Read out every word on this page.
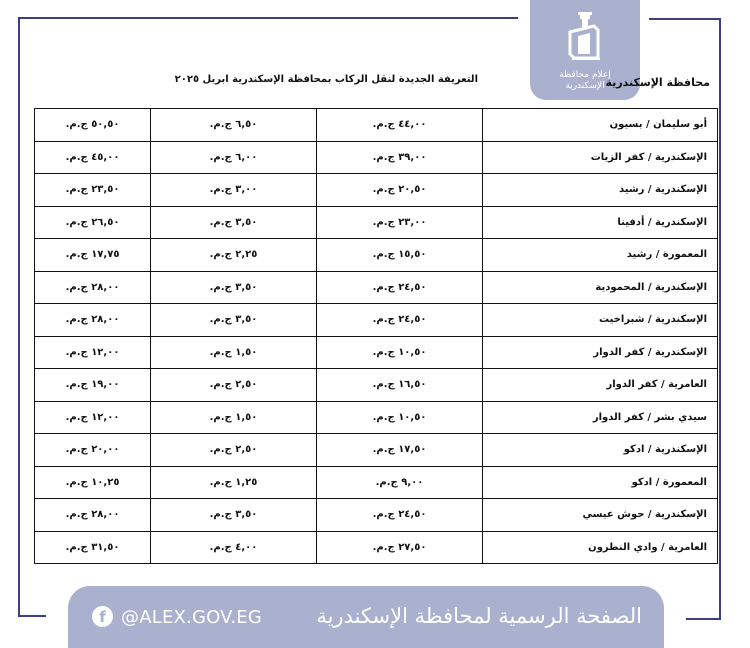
إعلام محافظة
الإسكندرية محافظة الإسكندرية
التعريفة الجديدة لنقل الركاب بمحافظة الإسكندرية ابريل ٢٠٢٥
أبو سليمان / بسيون	٤٤,٠٠ ج.م.	٦,٥٠ ج.م.	٥٠,٥٠ ج.م.
الإسكندرية / كفر الزيات	٣٩,٠٠ ج.م.	٦,٠٠ ج.م.	٤٥,٠٠ ج.م.
الإسكندرية / رشيد	٢٠,٥٠ ج.م.	٣,٠٠ ج.م.	٢٣,٥٠ ج.م.
الإسكندرية / أدفينا	٢٣,٠٠ ج.م.	٣,٥٠ ج.م.	٢٦,٥٠ ج.م.
المعمورة / رشيد	١٥,٥٠ ج.م.	٢,٢٥ ج.م.	١٧,٧٥ ج.م.
الإسكندرية / المحمودية	٢٤,٥٠ ج.م.	٣,٥٠ ج.م.	٢٨,٠٠ ج.م.
الإسكندرية / شبراخيت	٢٤,٥٠ ج.م.	٣,٥٠ ج.م.	٢٨,٠٠ ج.م.
الإسكندرية / كفر الدوار	١٠,٥٠ ج.م.	١,٥٠ ج.م.	١٢,٠٠ ج.م.
العامرية / كفر الدوار	١٦,٥٠ ج.م.	٢,٥٠ ج.م.	١٩,٠٠ ج.م.
سيدي بشر / كفر الدوار	١٠,٥٠ ج.م.	١,٥٠ ج.م.	١٢,٠٠ ج.م.
الإسكندرية / ادكو	١٧,٥٠ ج.م.	٢,٥٠ ج.م.	٢٠,٠٠ ج.م.
المعمورة / ادكو	٩,٠٠ ج.م.	١,٢٥ ج.م.	١٠,٢٥ ج.م.
الإسكندرية / حوش عيسي	٢٤,٥٠ ج.م.	٣,٥٠ ج.م.	٢٨,٠٠ ج.م.
العامرية / وادي النطرون	٢٧,٥٠ ج.م.	٤,٠٠ ج.م.	٣١,٥٠ ج.م.
f @ALEX.GOV.EG	الصفحة الرسمية لمحافظة الإسكندرية
